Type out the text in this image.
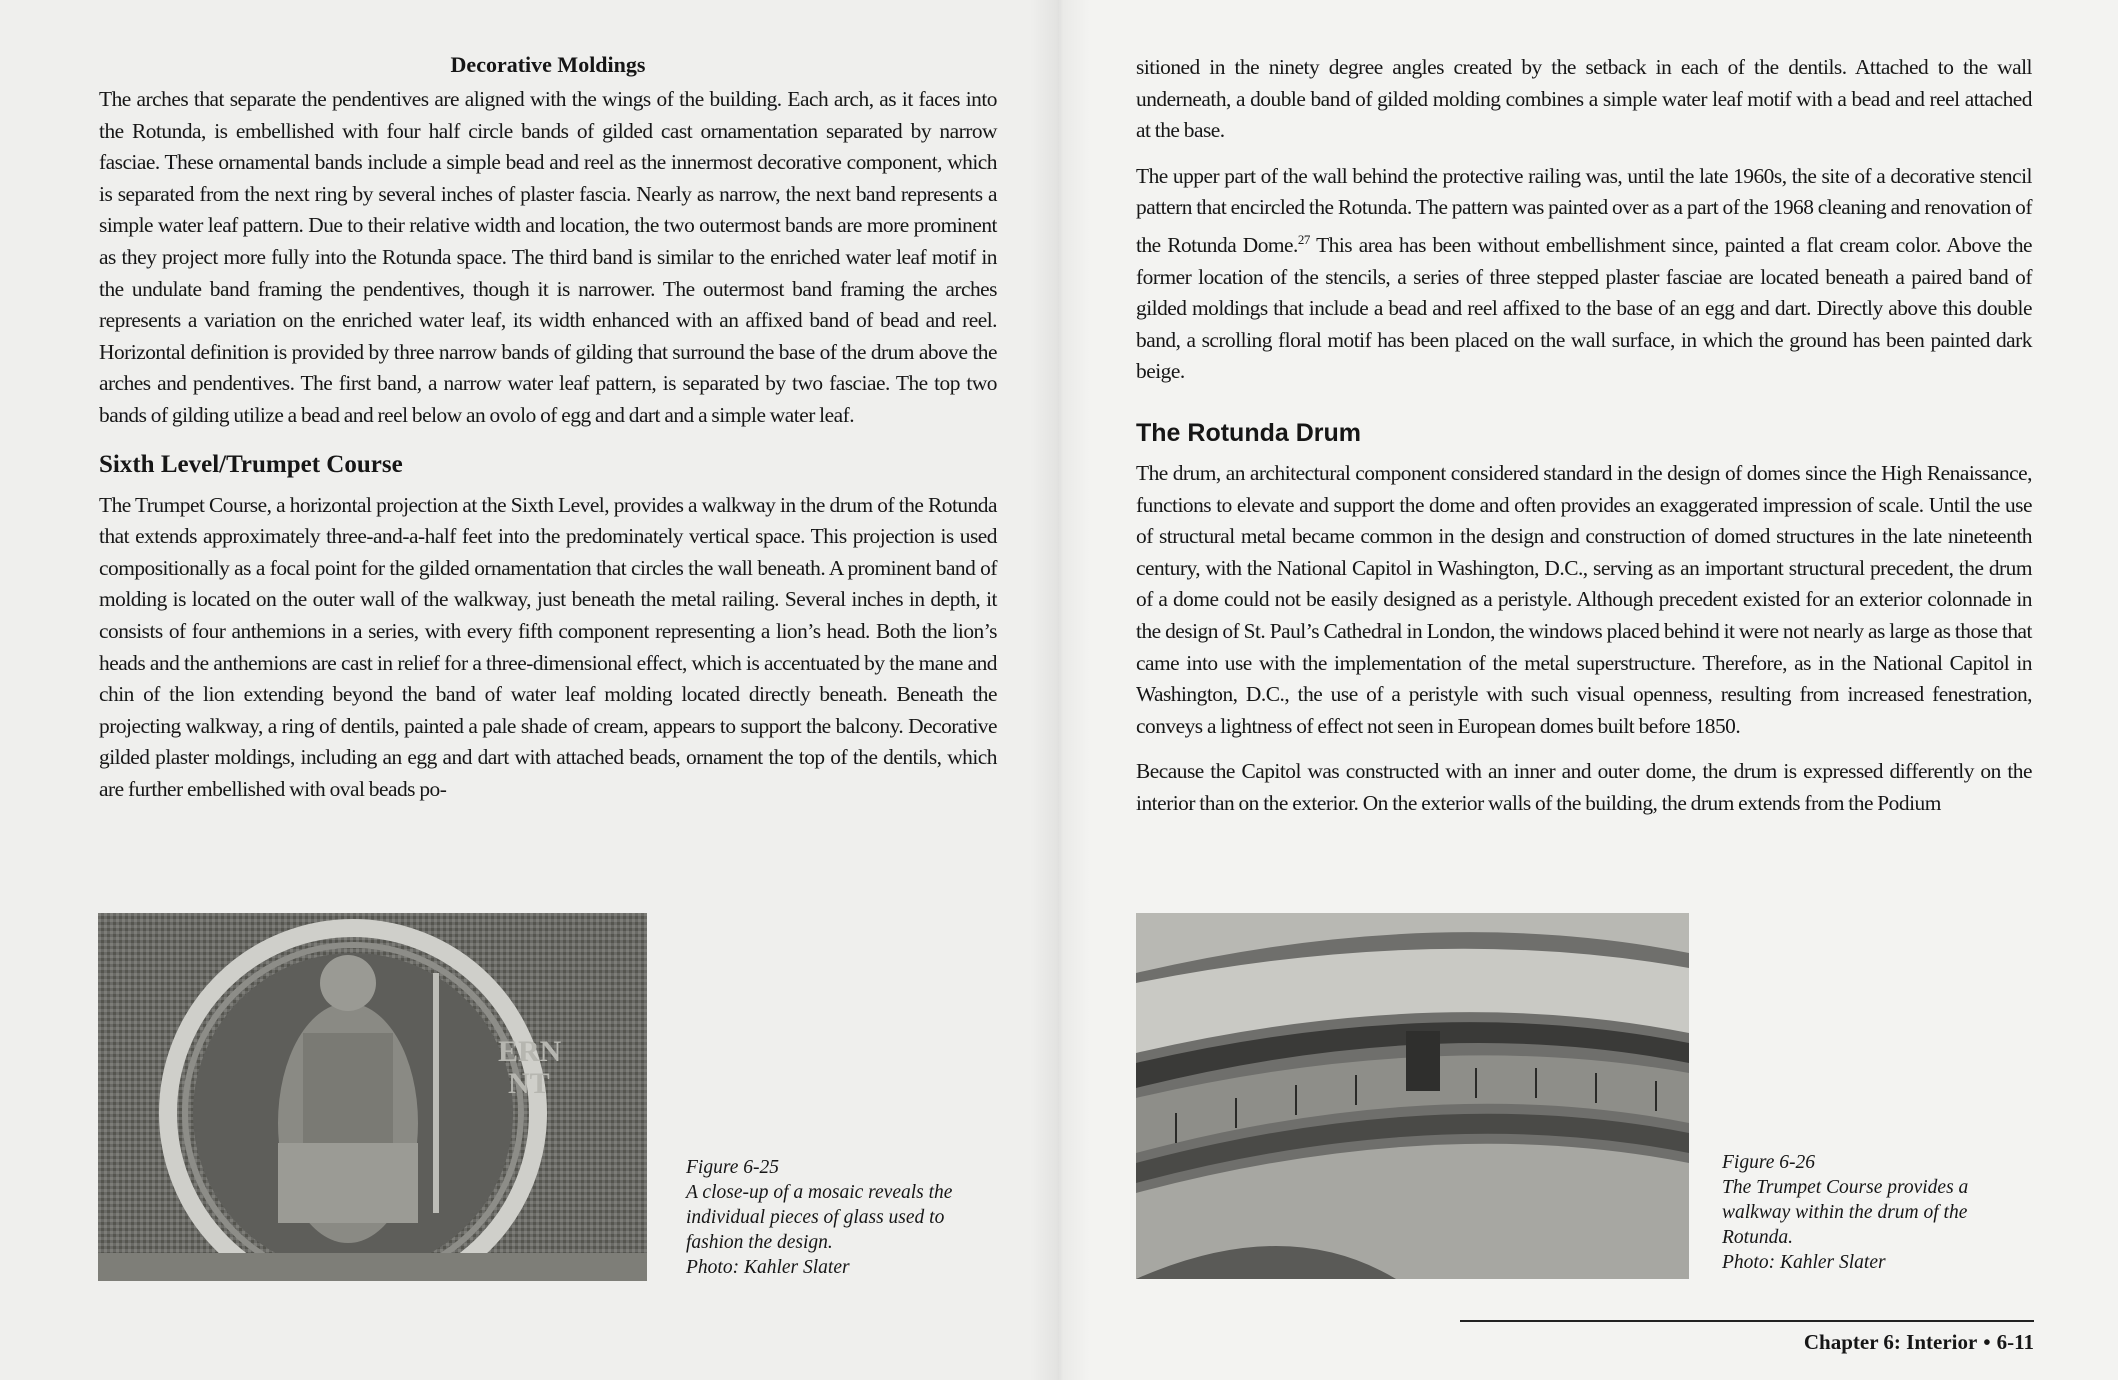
Decorative Moldings

The arches that separate the pendentives are aligned with the wings of the building. Each arch, as it faces into the Rotunda, is embellished with four half circle bands of gilded cast ornamentation separated by narrow fasciae. These ornamental bands include a simple bead and reel as the innermost decorative component, which is separated from the next ring by several inches of plaster fascia. Nearly as narrow, the next band represents a simple water leaf pattern. Due to their relative width and location, the two outermost bands are more prominent as they project more fully into the Rotunda space. The third band is similar to the enriched water leaf motif in the undulate band framing the pendentives, though it is narrower. The outermost band framing the arches represents a variation on the enriched water leaf, its width enhanced with an affixed band of bead and reel. Horizontal definition is provided by three narrow bands of gilding that surround the base of the drum above the arches and pendentives. The first band, a narrow water leaf pattern, is separated by two fasciae. The top two bands of gilding utilize a bead and reel below an ovolo of egg and dart and a simple water leaf.

Sixth Level/Trumpet Course

The Trumpet Course, a horizontal projection at the Sixth Level, provides a walkway in the drum of the Rotunda that extends approximately three-and-a-half feet into the predominately vertical space. This projection is used compositionally as a focal point for the gilded ornamentation that circles the wall beneath. A prominent band of molding is located on the outer wall of the walkway, just beneath the metal railing. Several inches in depth, it consists of four anthemions in a series, with every fifth component representing a lion’s head. Both the lion’s heads and the anthemions are cast in relief for a three-dimensional effect, which is accentuated by the mane and chin of the lion extending beyond the band of water leaf molding located directly beneath. Beneath the projecting walkway, a ring of dentils, painted a pale shade of cream, appears to support the balcony. Decorative gilded plaster moldings, including an egg and dart with attached beads, ornament the top of the dentils, which are further embellished with oval beads po-

ERN
NT
Figure 6-25
A close-up of a mosaic reveals the
individual pieces of glass used to
fashion the design.
Photo: Kahler Slater

sitioned in the ninety degree angles created by the setback in each of the dentils. Attached to the wall underneath, a double band of gilded molding combines a simple water leaf motif with a bead and reel attached at the base.

The upper part of the wall behind the protective railing was, until the late 1960s, the site of a decorative stencil pattern that encircled the Rotunda. The pattern was painted over as a part of the 1968 cleaning and renovation of the Rotunda Dome.$^{27}$ This area has been without embellishment since, painted a flat cream color. Above the former location of the stencils, a series of three stepped plaster fasciae are located beneath a paired band of gilded moldings that include a bead and reel affixed to the base of an egg and dart. Directly above this double band, a scrolling floral motif has been placed on the wall surface, in which the ground has been painted dark beige.

The Rotunda Drum

The drum, an architectural component considered standard in the design of domes since the High Renaissance, functions to elevate and support the dome and often provides an exaggerated impression of scale. Until the use of structural metal became common in the design and construction of domed structures in the late nineteenth century, with the National Capitol in Washington, D.C., serving as an important structural precedent, the drum of a dome could not be easily designed as a peristyle. Although precedent existed for an exterior colonnade in the design of St. Paul’s Cathedral in London, the windows placed behind it were not nearly as large as those that came into use with the implementation of the metal superstructure. Therefore, as in the National Capitol in Washington, D.C., the use of a peristyle with such visual openness, resulting from increased fenestration, conveys a lightness of effect not seen in European domes built before 1850.

Because the Capitol was constructed with an inner and outer dome, the drum is expressed differently on the interior than on the exterior. On the exterior walls of the building, the drum extends from the Podium

Figure 6-26
The Trumpet Course provides a
walkway within the drum of the
Rotunda.
Photo: Kahler Slater
Chapter 6: Interior • 6-11
